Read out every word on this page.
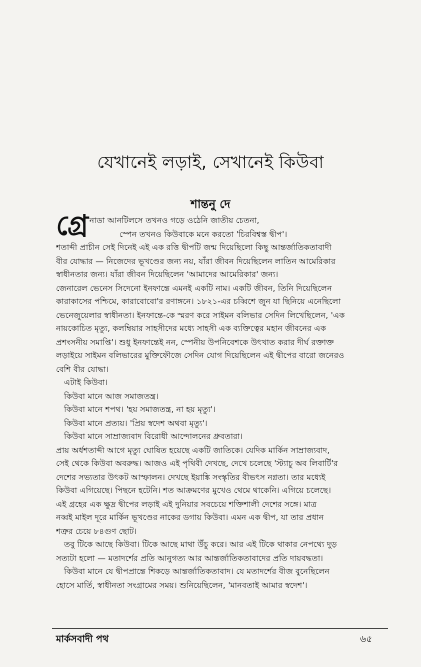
যেখানেই লড়াই, সেখানেই কিউবা
শান্তনু দে
গ্রে নাডা আনটিলসে তখনও গড়ে ওঠেনি জাতীয় চেতনা,
স্পেন তখনও কিউবাকে মনে করতো 'চিরবিশ্বস্ত দ্বীপ'।
শতাব্দী প্রাচীন সেই দিনেই এই এক রত্তি দ্বীপটি জন্ম দিয়েছিলো কিছু আন্তর্জাতিকতাবাদী
বীর যোদ্ধার — নিজেদের ভূখণ্ডের জন্য নয়, যাঁরা জীবন দিয়েছিলেন লাতিন আমেরিকার
স্বাধীনতার জন্য। যাঁরা জীবন দিয়েছিলেন 'আমাদের আমেরিকার' জন্য।
জেনারেল ভেনেস সিদেনো ইনফান্তে এমনই একটি নাম। একটি জীবন, তিনি দিয়েছিলেন
কারাকাসের পশ্চিমে, কারাবোবো'র রণাঙ্গনে। ১৮২১-এর চব্বিশে জুন যা ছিনিয়ে এনেছিলো
ভেনেজুয়েলার স্বাধীনতা। ইনফান্তে-কে স্মরণ করে সাইমন বলিভার সেদিন লিখেছিলেন, 'এক
নায়কোচিত মৃত্যু, কলম্বিয়ার সাহসীদের মধ্যে সাহসী এক ব্যক্তিত্বের মহান জীবনের এক
প্রশংসনীয় সমাপ্তি'। শুধু ইনফান্তেই নন, স্পেনীয় উপনিবেশকে উৎখাত করার দীর্ঘ রক্তাক্ত
লড়াইয়ে সাইমন বলিভারের মুক্তিফৌজে সেদিন যোগ দিয়েছিলেন এই দ্বীপের বারো জনেরও
বেশি বীর যোদ্ধা।
এটাই কিউবা।
কিউবা মানে আজ সমাজতন্ত্র।
কিউবা মানে শপথ। 'হয় সমাজতন্ত্র, না হয় মৃত্যু'।
কিউবা মানে প্রত্যয়। 'প্রিয় স্বদেশ অথবা মৃত্যু'।
কিউবা মানে সাম্রাজ্যবাদ বিরোধী আন্দোলনের ধ্রুবতারা।
প্রায় অর্ধশতাব্দী আগে মৃত্যু ঘোষিত হয়েছে একটি জাতিকে। যেদিক মার্কিন সাম্রাজ্যবাদ,
সেই থেকে কিউবা অবরুদ্ধ। আজও এই পৃথিবী দেখছে, দেখে চলেছে 'স্ট্যাচু অব লিবার্টি'র
দেশের সভ্যতার উৎকট আস্ফালন। দেখছে ইয়াঙ্কি সংস্কৃতির বীভৎস নগ্নতা। তার মধ্যেই
কিউবা এগিয়েছে। পিছনে হটেনি। শত আক্রমণের মুখেও থেমে থাকেনি। এগিয়ে চলেছে।
এই গ্রহের এক ক্ষুদ্র দ্বীপের লড়াই এই দুনিয়ার সবচেয়ে শক্তিশালী দেশের সঙ্গে। মাত্র
নব্বই মাইল দূরে মার্কিন ভূখণ্ডের নাকের ডগায় কিউবা। এমন এক দ্বীপ, যা তার প্রধান
শত্রুর চেয়ে ৮৪গুণ ছোট।
তবু টিকে আছে কিউবা। টিকে আছে মাথা উঁচু করে। আর এই টিকে থাকার নেপথ্যে দুড়
সত্যটা হলো — মতাদর্শের প্রতি আনুগত্য আর আন্তর্জাতিকতাবাদের প্রতি দায়বদ্ধতা।
কিউবা মানে যে দ্বীপপ্রান্তে শিকড়ে আন্তর্জাতিকতাবাদ। যে মতাদর্শের বীজ বুনেছিলেন
হোসে মার্তি, স্বাধীনতা সংগ্রামের সময়। শুনিয়েছিলেন, 'মানবতাই আমার স্বদেশ'।
মার্কসবাদী পথ	৬৫
